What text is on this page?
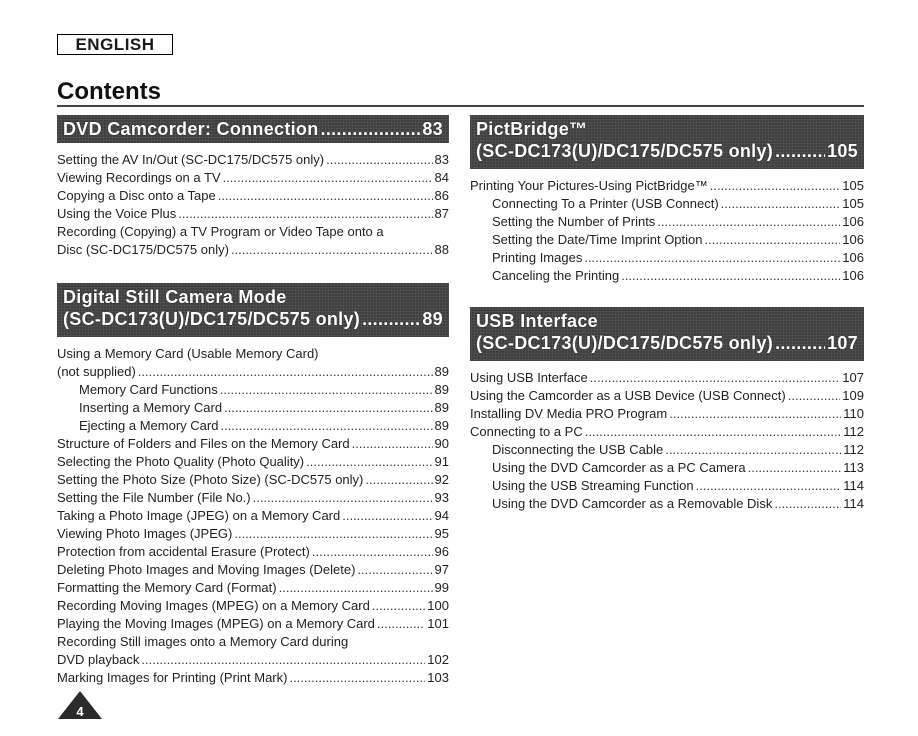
ENGLISH
Contents
DVD Camcorder: Connection .....	83
Setting the AV In/Out (SC-DC175/DC575 only) .....	83
Viewing Recordings on a TV .....	84
Copying a Disc onto a Tape .....	86
Using the Voice Plus .....	87
Recording (Copying) a TV Program or Video Tape onto a
Disc (SC-DC175/DC575 only) .....	88
Digital Still Camera Mode
(SC-DC173(U)/DC175/DC575 only) .....	89
Using a Memory Card (Usable Memory Card)
(not supplied) .....	89
Memory Card Functions .....	89
Inserting a Memory Card .....	89
Ejecting a Memory Card .....	89
Structure of Folders and Files on the Memory Card .....	90
Selecting the Photo Quality (Photo Quality) .....	91
Setting the Photo Size (Photo Size) (SC-DC575 only) .....	92
Setting the File Number (File No.) .....	93
Taking a Photo Image (JPEG) on a Memory Card .....	94
Viewing Photo Images (JPEG) .....	95
Protection from accidental Erasure (Protect) .....	96
Deleting Photo Images and Moving Images (Delete) .....	97
Formatting the Memory Card (Format) .....	99
Recording Moving Images (MPEG) on a Memory Card .....	100
Playing the Moving Images (MPEG) on a Memory Card .....	101
Recording Still images onto a Memory Card during
DVD playback .....	102
Marking Images for Printing (Print Mark) .....	103
PictBridge™
(SC-DC173(U)/DC175/DC575 only) .....	105
Printing Your Pictures-Using PictBridge™ .....	105
Connecting To a Printer (USB Connect) .....	105
Setting the Number of Prints .....	106
Setting the Date/Time Imprint Option .....	106
Printing Images .....	106
Canceling the Printing .....	106
USB Interface
(SC-DC173(U)/DC175/DC575 only) .....	107
Using USB Interface .....	107
Using the Camcorder as a USB Device (USB Connect) .....	109
Installing DV Media PRO Program .....	110
Connecting to a PC .....	112
Disconnecting the USB Cable .....	112
Using the DVD Camcorder as a PC Camera .....	113
Using the USB Streaming Function .....	114
Using the DVD Camcorder as a Removable Disk .....	114
4
